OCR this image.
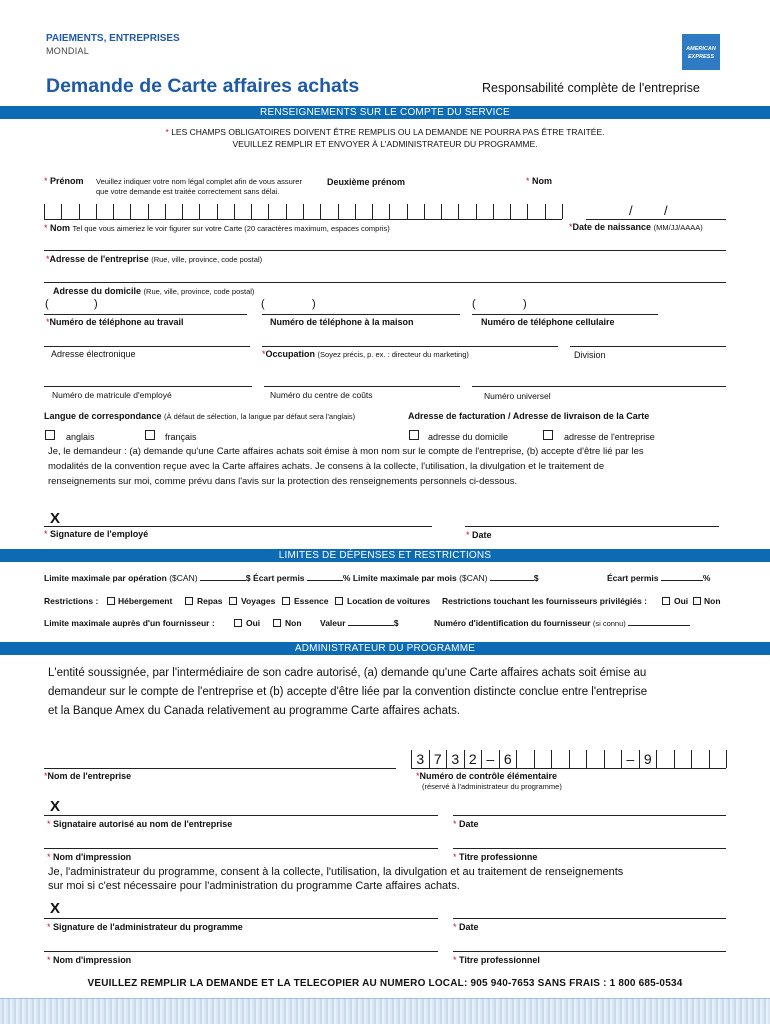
PAIEMENTS, ENTREPRISES
MONDIAL	AMERICAN
EXPRESS
Demande de Carte affaires achats	Responsabilité complète de l'entreprise
RENSEIGNEMENTS SUR LE COMPTE DU SERVICE
* LES CHAMPS OBLIGATOIRES DOIVENT ÊTRE REMPLIS OU LA DEMANDE NE POURRA PAS ÊTRE TRAITÉE.
VEUILLEZ REMPLIR ET ENVOYER À L'ADMINISTRATEUR DU PROGRAMME.
* Prénom Veuillez indiquer votre nom légal complet afin de vous assurer
que votre demande est traitée correctement sans délai.
Deuxième prénom	* Nom
/ /
* Nom Tel que vous aimeriez le voir figurer sur votre Carte (20 caractères maximum, espaces compris)	*Date de naissance (MM/JJ/AAAA)
*Adresse de l'entreprise (Rue, ville, province, code postal)
Adresse du domicile (Rue, ville, province, code postal)
(	)	(	)	(	)
*Numéro de téléphone au travail	Numéro de téléphone à la maison	Numéro de téléphone cellulaire
Adresse électronique	*Occupation (Soyez précis, p. ex. : directeur du marketing)	Division
Numéro de matricule d'employé	Numéro du centre de coûts	Numéro universel
Langue de correspondance (À défaut de sélection, la langue par défaut sera l'anglais)	Adresse de facturation / Adresse de livraison de la Carte
anglais	français	adresse du domicile	adresse de l'entreprise
Je, le demandeur : (a) demande qu'une Carte affaires achats soit émise à mon nom sur le compte de l'entreprise, (b) accepte d'être lié par les
modalités de la convention reçue avec la Carte affaires achats. Je consens à la collecte, l'utilisation, la divulgation et le traitement de
renseignements sur moi, comme prévu dans l'avis sur la protection des renseignements personnels ci-dessous.
X
* Signature de l'employé	* Date
LIMITES DE DÉPENSES ET RESTRICTIONS
Limite maximale par opération ($CAN)	$ Écart permis	% Limite maximale par mois ($CAN)	$	Écart permis	%
Restrictions : Hébergement	Repas Voyages Essence Location de voitures Restrictions touchant les fournisseurs privilégiés :	Oui Non
Limite maximale auprès d'un fournisseur :	Oui	Non Valeur	$	Numéro d'identification du fournisseur (si connu)
ADMINISTRATEUR DU PROGRAMME
L'entité soussignée, par l'intermédiaire de son cadre autorisé, (a) demande qu'une Carte affaires achats soit émise au
demandeur sur le compte de l'entreprise et (b) accepte d'être liée par la convention distincte conclue entre l'entreprise
et la Banque Amex du Canada relativement au programme Carte affaires achats.
*Nom de l'entreprise
3 7 3 2 – 6	– 9
*Numéro de contrôle élémentaire
(réservé à l'administrateur du programme)
X
* Signataire autorisé au nom de l'entreprise	* Date
* Nom d'impression	* Titre professionne
Je, l'administrateur du programme, consent à la collecte, l'utilisation, la divulgation et au traitement de renseignements
sur moi si c'est nécessaire pour l'administration du programme Carte affaires achats.
X
* Signature de l'administrateur du programme	* Date
* Nom d'impression	* Titre professionnel
VEUILLEZ REMPLIR LA DEMANDE ET LA TELECOPIER AU NUMERO LOCAL: 905 940-7653 SANS FRAIS : 1 800 685-0534
